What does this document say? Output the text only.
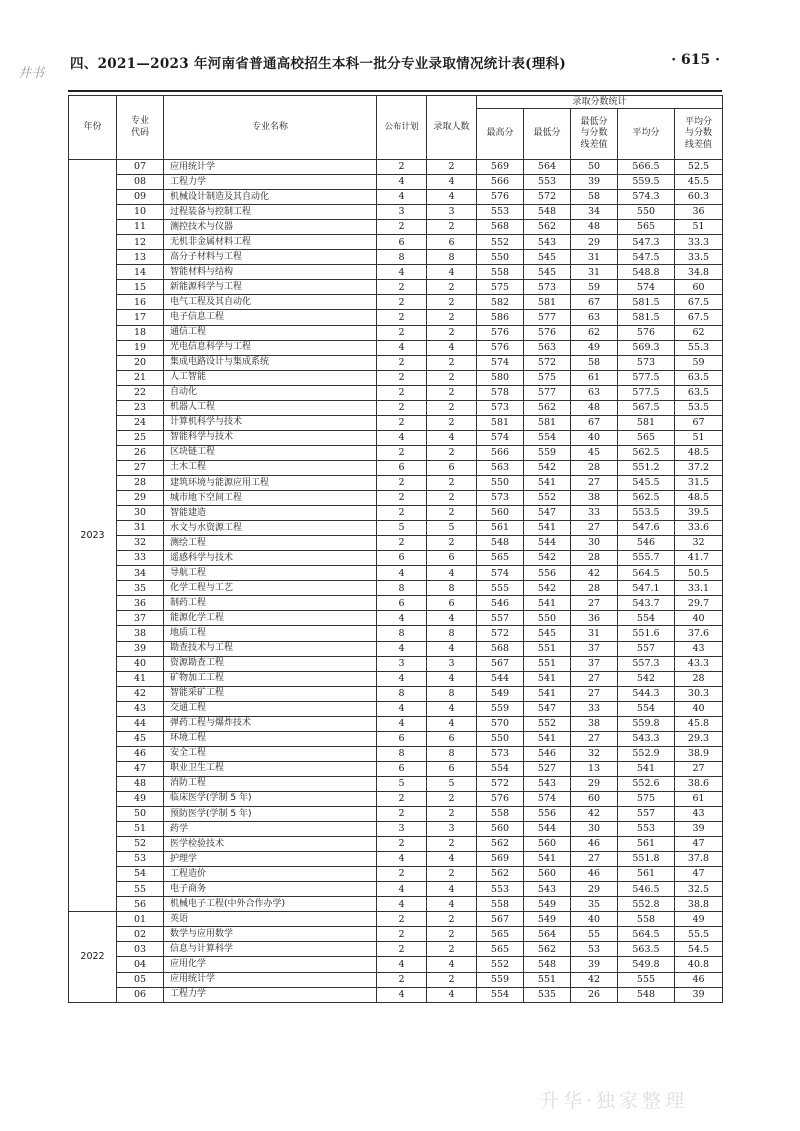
井书
四、2021—2023 年河南省普通高校招生本科一批分专业录取情况统计表(理科)	· 615 ·
年份	专业代码	专业名称	公布计划	录取人数	录取分数统计				
					最高分	最低分	最低分与分数线差值	平均分	平均分与分数线差值
2023	07	应用统计学	2	2	569	564	50	566.5	52.5
	08	工程力学	4	4	566	553	39	559.5	45.5
	09	机械设计制造及其自动化	4	4	576	572	58	574.3	60.3
	10	过程装备与控制工程	3	3	553	548	34	550	36
	11	测控技术与仪器	2	2	568	562	48	565	51
	12	无机非金属材料工程	6	6	552	543	29	547.3	33.3
	13	高分子材料与工程	8	8	550	545	31	547.5	33.5
	14	智能材料与结构	4	4	558	545	31	548.8	34.8
	15	新能源科学与工程	2	2	575	573	59	574	60
	16	电气工程及其自动化	2	2	582	581	67	581.5	67.5
	17	电子信息工程	2	2	586	577	63	581.5	67.5
	18	通信工程	2	2	576	576	62	576	62
	19	光电信息科学与工程	4	4	576	563	49	569.3	55.3
	20	集成电路设计与集成系统	2	2	574	572	58	573	59
	21	人工智能	2	2	580	575	61	577.5	63.5
	22	自动化	2	2	578	577	63	577.5	63.5
	23	机器人工程	2	2	573	562	48	567.5	53.5
	24	计算机科学与技术	2	2	581	581	67	581	67
	25	智能科学与技术	4	4	574	554	40	565	51
	26	区块链工程	2	2	566	559	45	562.5	48.5
	27	土木工程	6	6	563	542	28	551.2	37.2
	28	建筑环境与能源应用工程	2	2	550	541	27	545.5	31.5
	29	城市地下空间工程	2	2	573	552	38	562.5	48.5
	30	智能建造	2	2	560	547	33	553.5	39.5
	31	水文与水资源工程	5	5	561	541	27	547.6	33.6
	32	测绘工程	2	2	548	544	30	546	32
	33	遥感科学与技术	6	6	565	542	28	555.7	41.7
	34	导航工程	4	4	574	556	42	564.5	50.5
	35	化学工程与工艺	8	8	555	542	28	547.1	33.1
	36	制药工程	6	6	546	541	27	543.7	29.7
	37	能源化学工程	4	4	557	550	36	554	40
	38	地质工程	8	8	572	545	31	551.6	37.6
	39	勘查技术与工程	4	4	568	551	37	557	43
	40	资源勘查工程	3	3	567	551	37	557.3	43.3
	41	矿物加工工程	4	4	544	541	27	542	28
	42	智能采矿工程	8	8	549	541	27	544.3	30.3
	43	交通工程	4	4	559	547	33	554	40
	44	弹药工程与爆炸技术	4	4	570	552	38	559.8	45.8
	45	环境工程	6	6	550	541	27	543.3	29.3
	46	安全工程	8	8	573	546	32	552.9	38.9
	47	职业卫生工程	6	6	554	527	13	541	27
	48	消防工程	5	5	572	543	29	552.6	38.6
	49	临床医学(学制 5 年)	2	2	576	574	60	575	61
	50	预防医学(学制 5 年)	2	2	558	556	42	557	43
	51	药学	3	3	560	544	30	553	39
	52	医学检验技术	2	2	562	560	46	561	47
	53	护理学	4	4	569	541	27	551.8	37.8
	54	工程造价	2	2	562	560	46	561	47
	55	电子商务	4	4	553	543	29	546.5	32.5
	56	机械电子工程(中外合作办学)	4	4	558	549	35	552.8	38.8
2022	01	英语	2	2	567	549	40	558	49
	02	数学与应用数学	2	2	565	564	55	564.5	55.5
	03	信息与计算科学	2	2	565	562	53	563.5	54.5
	04	应用化学	4	4	552	548	39	549.8	40.8
	05	应用统计学	2	2	559	551	42	555	46
	06	工程力学	4	4	554	535	26	548	39
升华·独家整理
